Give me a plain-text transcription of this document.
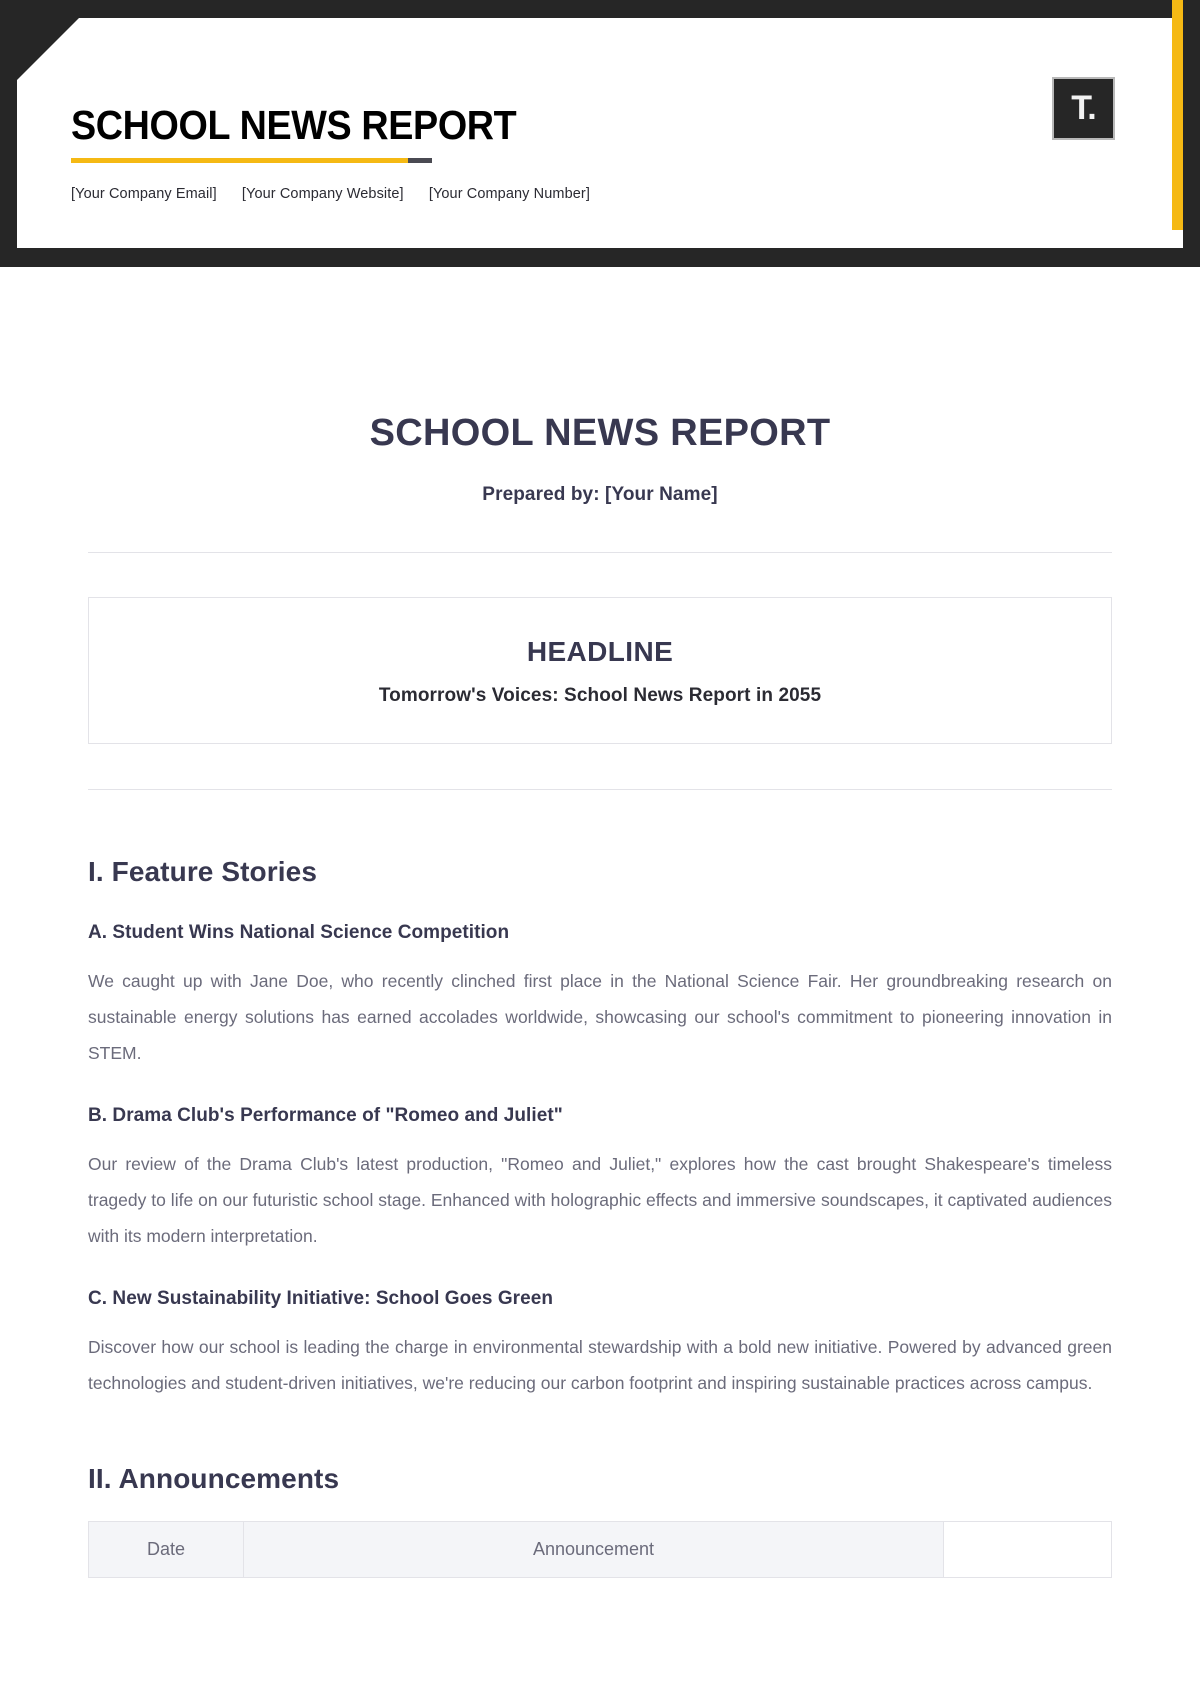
SCHOOL NEWS REPORT
[Your Company Email] [Your Company Website] [Your Company Number]
T.
SCHOOL NEWS REPORT
Prepared by: [Your Name]
HEADLINE
Tomorrow's Voices: School News Report in 2055
I. Feature Stories
A. Student Wins National Science Competition

We caught up with Jane Doe, who recently clinched first place in the National Science Fair. Her groundbreaking research on sustainable energy solutions has earned accolades worldwide, showcasing our school's commitment to pioneering innovation in STEM.

B. Drama Club's Performance of "Romeo and Juliet"

Our review of the Drama Club's latest production, "Romeo and Juliet," explores how the cast brought Shakespeare's timeless tragedy to life on our futuristic school stage. Enhanced with holographic effects and immersive soundscapes, it captivated audiences with its modern interpretation.

C. New Sustainability Initiative: School Goes Green

Discover how our school is leading the charge in environmental stewardship with a bold new initiative. Powered by advanced green technologies and student-driven initiatives, we're reducing our carbon footprint and inspiring sustainable practices across campus.

II. Announcements
Date	Announcement	
